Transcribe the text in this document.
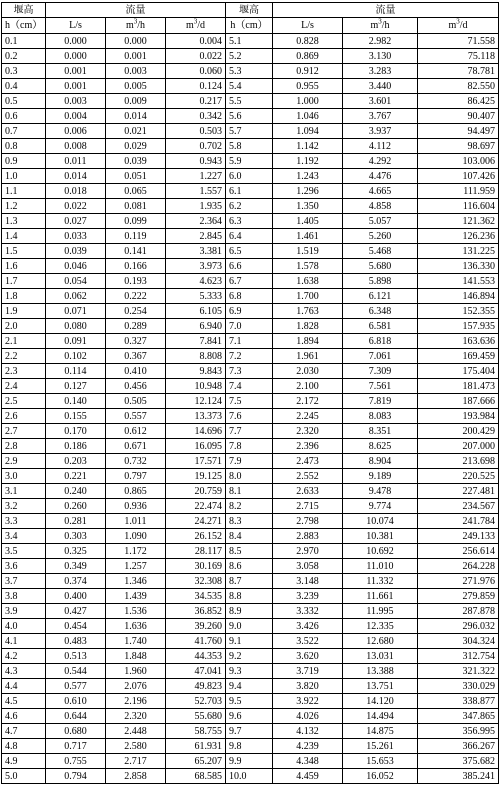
堰高	流量			堰高	流量		
h（cm）	L/s	$m^3/h$	$m^3/d$	h（cm）	L/s	$m^3/h$	$m^3/d$
0.1	0.000	0.000	0.004	5.1	0.828	2.982	71.558
0.2	0.000	0.001	0.022	5.2	0.869	3.130	75.118
0.3	0.001	0.003	0.060	5.3	0.912	3.283	78.781
0.4	0.001	0.005	0.124	5.4	0.955	3.440	82.550
0.5	0.003	0.009	0.217	5.5	1.000	3.601	86.425
0.6	0.004	0.014	0.342	5.6	1.046	3.767	90.407
0.7	0.006	0.021	0.503	5.7	1.094	3.937	94.497
0.8	0.008	0.029	0.702	5.8	1.142	4.112	98.697
0.9	0.011	0.039	0.943	5.9	1.192	4.292	103.006
1.0	0.014	0.051	1.227	6.0	1.243	4.476	107.426
1.1	0.018	0.065	1.557	6.1	1.296	4.665	111.959
1.2	0.022	0.081	1.935	6.2	1.350	4.858	116.604
1.3	0.027	0.099	2.364	6.3	1.405	5.057	121.362
1.4	0.033	0.119	2.845	6.4	1.461	5.260	126.236
1.5	0.039	0.141	3.381	6.5	1.519	5.468	131.225
1.6	0.046	0.166	3.973	6.6	1.578	5.680	136.330
1.7	0.054	0.193	4.623	6.7	1.638	5.898	141.553
1.8	0.062	0.222	5.333	6.8	1.700	6.121	146.894
1.9	0.071	0.254	6.105	6.9	1.763	6.348	152.355
2.0	0.080	0.289	6.940	7.0	1.828	6.581	157.935
2.1	0.091	0.327	7.841	7.1	1.894	6.818	163.636
2.2	0.102	0.367	8.808	7.2	1.961	7.061	169.459
2.3	0.114	0.410	9.843	7.3	2.030	7.309	175.404
2.4	0.127	0.456	10.948	7.4	2.100	7.561	181.473
2.5	0.140	0.505	12.124	7.5	2.172	7.819	187.666
2.6	0.155	0.557	13.373	7.6	2.245	8.083	193.984
2.7	0.170	0.612	14.696	7.7	2.320	8.351	200.429
2.8	0.186	0.671	16.095	7.8	2.396	8.625	207.000
2.9	0.203	0.732	17.571	7.9	2.473	8.904	213.698
3.0	0.221	0.797	19.125	8.0	2.552	9.189	220.525
3.1	0.240	0.865	20.759	8.1	2.633	9.478	227.481
3.2	0.260	0.936	22.474	8.2	2.715	9.774	234.567
3.3	0.281	1.011	24.271	8.3	2.798	10.074	241.784
3.4	0.303	1.090	26.152	8.4	2.883	10.381	249.133
3.5	0.325	1.172	28.117	8.5	2.970	10.692	256.614
3.6	0.349	1.257	30.169	8.6	3.058	11.010	264.228
3.7	0.374	1.346	32.308	8.7	3.148	11.332	271.976
3.8	0.400	1.439	34.535	8.8	3.239	11.661	279.859
3.9	0.427	1.536	36.852	8.9	3.332	11.995	287.878
4.0	0.454	1.636	39.260	9.0	3.426	12.335	296.032
4.1	0.483	1.740	41.760	9.1	3.522	12.680	304.324
4.2	0.513	1.848	44.353	9.2	3.620	13.031	312.754
4.3	0.544	1.960	47.041	9.3	3.719	13.388	321.322
4.4	0.577	2.076	49.823	9.4	3.820	13.751	330.029
4.5	0.610	2.196	52.703	9.5	3.922	14.120	338.877
4.6	0.644	2.320	55.680	9.6	4.026	14.494	347.865
4.7	0.680	2.448	58.755	9.7	4.132	14.875	356.995
4.8	0.717	2.580	61.931	9.8	4.239	15.261	366.267
4.9	0.755	2.717	65.207	9.9	4.348	15.653	375.682
5.0	0.794	2.858	68.585	10.0	4.459	16.052	385.241
